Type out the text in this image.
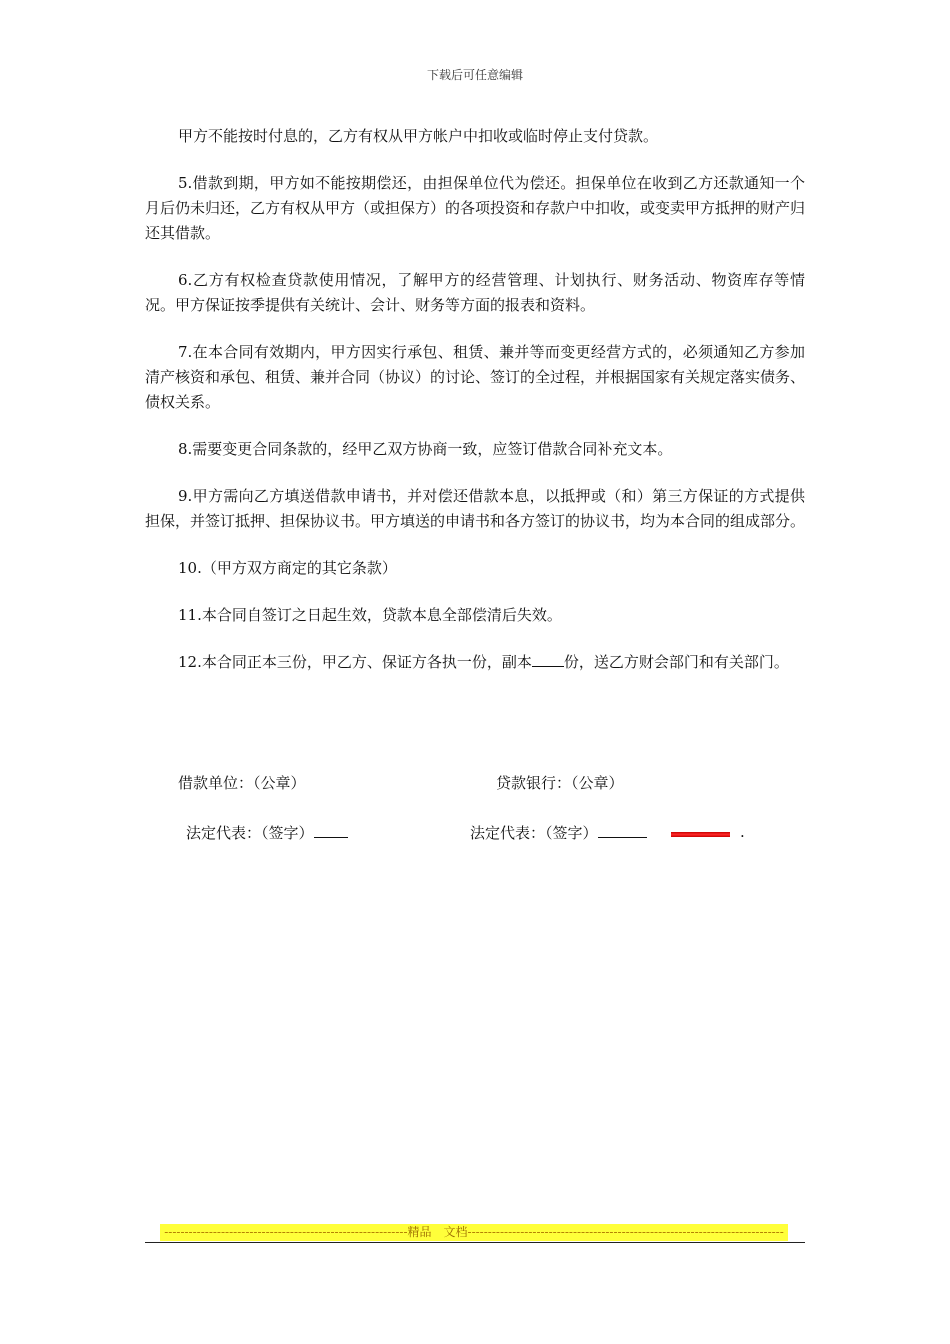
下载后可任意编辑

甲方不能按时付息的，乙方有权从甲方帐户中扣收或临时停止支付贷款。

5.借款到期，甲方如不能按期偿还，由担保单位代为偿还。担保单位在收到乙方还款通知一个月后仍未归还，乙方有权从甲方（或担保方）的各项投资和存款户中扣收，或变卖甲方抵押的财产归还其借款。

6.乙方有权检查贷款使用情况，了解甲方的经营管理、计划执行、财务活动、物资库存等情况。甲方保证按季提供有关统计、会计、财务等方面的报表和资料。

7.在本合同有效期内，甲方因实行承包、租赁、兼并等而变更经营方式的，必须通知乙方参加清产核资和承包、租赁、兼并合同（协议）的讨论、签订的全过程，并根据国家有关规定落实债务、债权关系。

8.需要变更合同条款的，经甲乙双方协商一致，应签订借款合同补充文本。

9.甲方需向乙方填送借款申请书，并对偿还借款本息，以抵押或（和）第三方保证的方式提供担保，并签订抵押、担保协议书。甲方填送的申请书和各方签订的协议书，均为本合同的组成部分。

10.（甲方双方商定的其它条款）

11.本合同自签订之日起生效，贷款本息全部偿清后失效。

12.本合同正本三份，甲乙方、保证方各执一份，副本 份，送乙方财会部门和有关部门。

借款单位：（公章）	贷款银行：（公章）
法定代表：（签字）	法定代表：（签字）	.
------------------------------------------------------------精品　文档------------------------------------------------------------------------------
